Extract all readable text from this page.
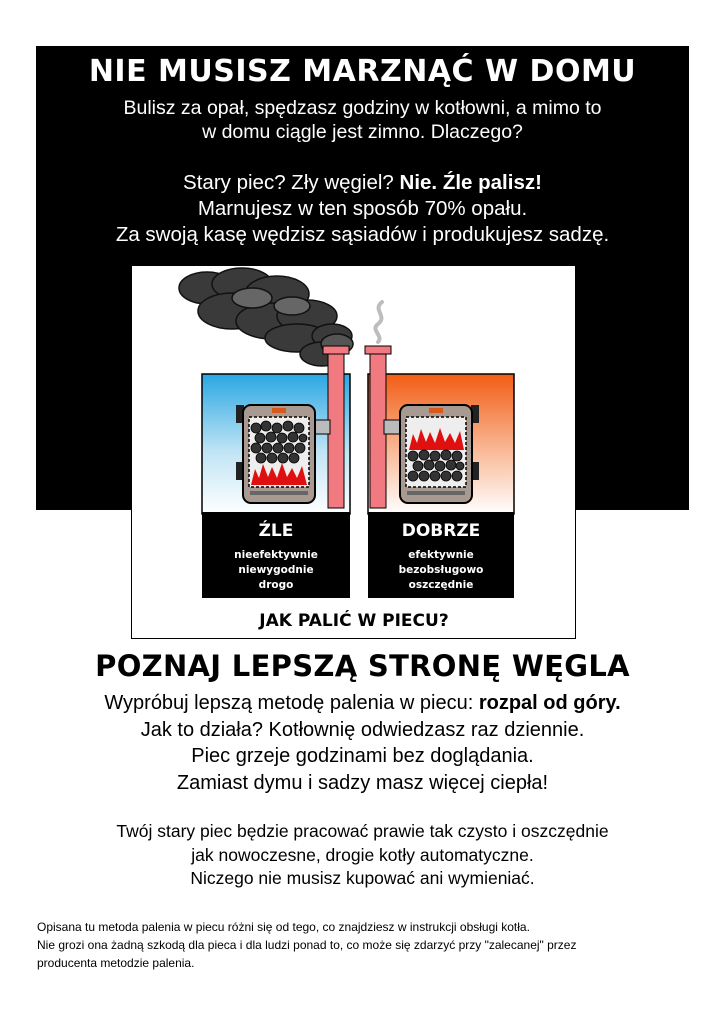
NIE MUSISZ MARZNĄĆ W DOMU

Bulisz za opał, spędzasz godziny w kotłowni, a mimo to

w domu ciągle jest zimno. Dlaczego?

Stary piec? Zły węgiel? Nie. Źle palisz!

Marnujesz w ten sposób 70% opału.

Za swoją kasę wędzisz sąsiadów i produkujesz sadzę.

ŹLE
nieefektywnie
niewygodnie
drogo
DOBRZE
efektywnie
bezobsługowo
oszczędnie
JAK PALIĆ W PIECU?
POZNAJ LEPSZĄ STRONĘ WĘGLA

Wypróbuj lepszą metodę palenia w piecu: rozpal od góry.

Jak to działa? Kotłownię odwiedzasz raz dziennie.

Piec grzeje godzinami bez doglądania.

Zamiast dymu i sadzy masz więcej ciepła!

Twój stary piec będzie pracować prawie tak czysto i oszczędnie

jak nowoczesne, drogie kotły automatyczne.

Niczego nie musisz kupować ani wymieniać.

Opisana tu metoda palenia w piecu różni się od tego, co znajdziesz w instrukcji obsługi kotła.

Nie grozi ona żadną szkodą dla pieca i dla ludzi ponad to, co może się zdarzyć przy "zalecanej" przez

producenta metodzie palenia.
